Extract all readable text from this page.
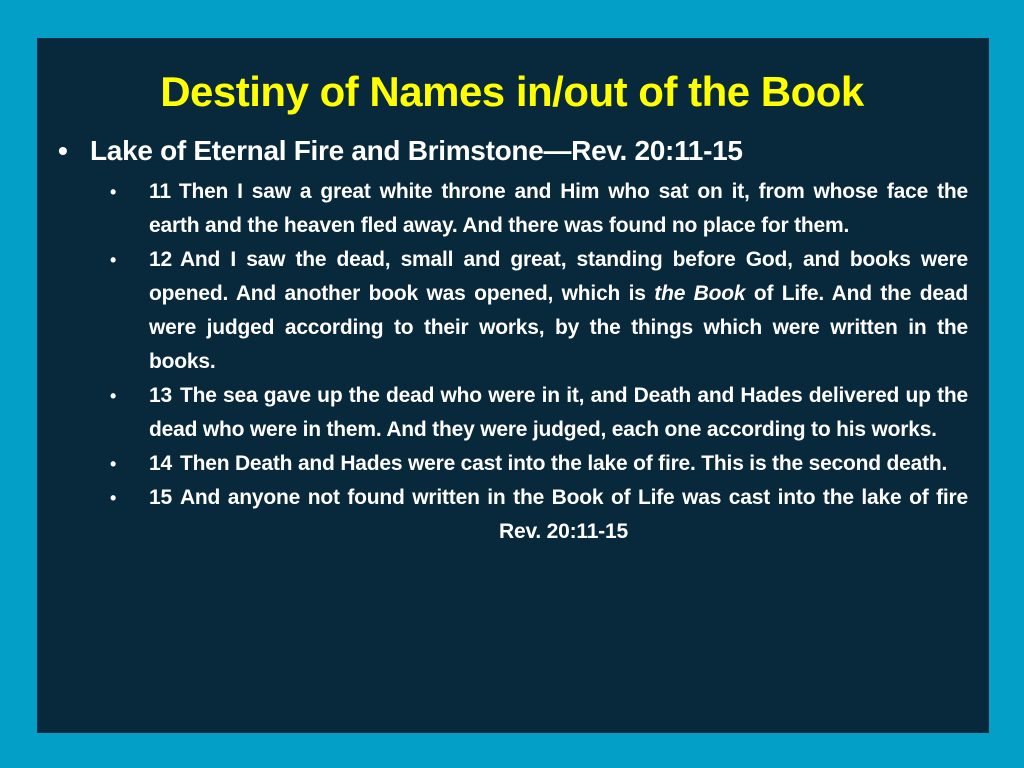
Destiny of Names in/out of the Book
• Lake of Eternal Fire and Brimstone—Rev. 20:11-15
• 11 Then I saw a great white throne and Him who sat on it, from whose face the earth and the heaven fled away. And there was found no place for them.
• 12 And I saw the dead, small and great, standing before God, and books were opened. And another book was opened, which is the Book of Life. And the dead were judged according to their works, by the things which were written in the books.
• 13 The sea gave up the dead who were in it, and Death and Hades delivered up the dead who were in them. And they were judged, each one according to his works.
• 14 Then Death and Hades were cast into the lake of fire. This is the second death.
• 15 And anyone not found written in the Book of Life was cast into the lake of fireRev. 20:11-15
